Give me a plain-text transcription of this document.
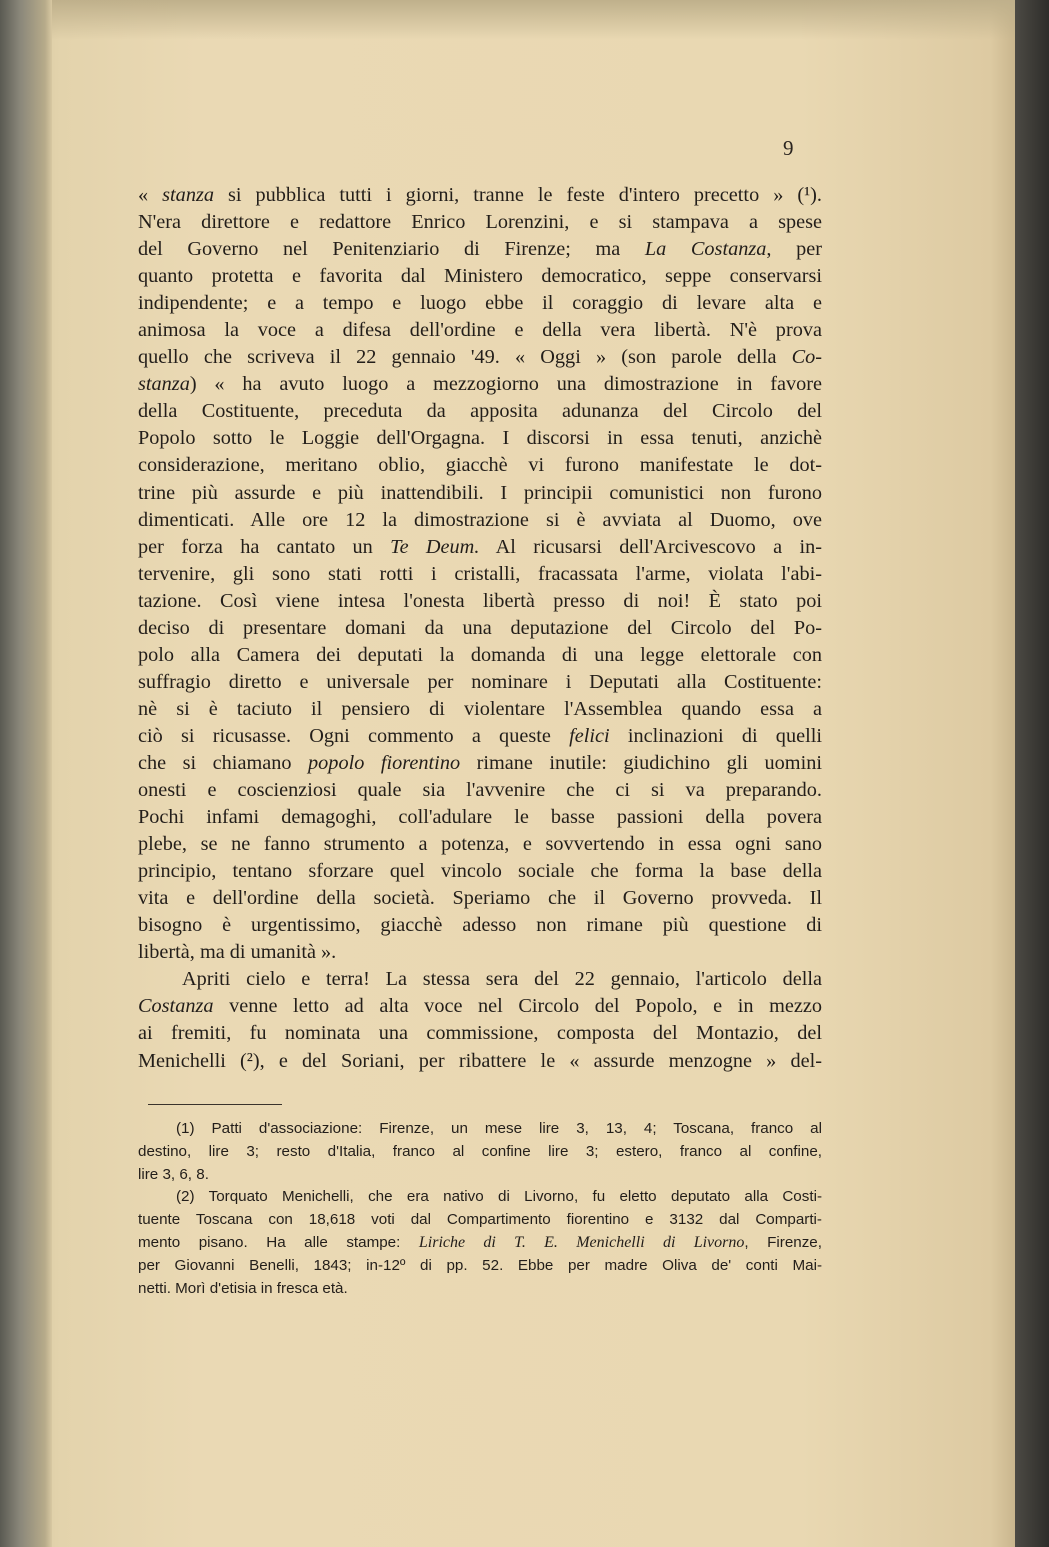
9
« stanza si pubblica tutti i giorni, tranne le feste d'intero precetto » (¹).
N'era direttore e redattore Enrico Lorenzini, e si stampava a spese
del Governo nel Penitenziario di Firenze; ma La Costanza, per
quanto protetta e favorita dal Ministero democratico, seppe conservarsi
indipendente; e a tempo e luogo ebbe il coraggio di levare alta e
animosa la voce a difesa dell'ordine e della vera libertà. N'è prova
quello che scriveva il 22 gennaio '49. « Oggi » (son parole della Co-
stanza) « ha avuto luogo a mezzogiorno una dimostrazione in favore
della Costituente, preceduta da apposita adunanza del Circolo del
Popolo sotto le Loggie dell'Orgagna. I discorsi in essa tenuti, anzichè
considerazione, meritano oblio, giacchè vi furono manifestate le dot-
trine più assurde e più inattendibili. I principii comunistici non furono
dimenticati. Alle ore 12 la dimostrazione si è avviata al Duomo, ove
per forza ha cantato un Te Deum. Al ricusarsi dell'Arcivescovo a in-
tervenire, gli sono stati rotti i cristalli, fracassata l'arme, violata l'abi-
tazione. Così viene intesa l'onesta libertà presso di noi! È stato poi
deciso di presentare domani da una deputazione del Circolo del Po-
polo alla Camera dei deputati la domanda di una legge elettorale con
suffragio diretto e universale per nominare i Deputati alla Costituente:
nè si è taciuto il pensiero di violentare l'Assemblea quando essa a
ciò si ricusasse. Ogni commento a queste felici inclinazioni di quelli
che si chiamano popolo fiorentino rimane inutile: giudichino gli uomini
onesti e coscienziosi quale sia l'avvenire che ci si va preparando.
Pochi infami demagoghi, coll'adulare le basse passioni della povera
plebe, se ne fanno strumento a potenza, e sovvertendo in essa ogni sano
principio, tentano sforzare quel vincolo sociale che forma la base della
vita e dell'ordine della società. Speriamo che il Governo provveda. Il
bisogno è urgentissimo, giacchè adesso non rimane più questione di
libertà, ma di umanità ».
Apriti cielo e terra! La stessa sera del 22 gennaio, l'articolo della
Costanza venne letto ad alta voce nel Circolo del Popolo, e in mezzo
ai fremiti, fu nominata una commissione, composta del Montazio, del
Menichelli (²), e del Soriani, per ribattere le « assurde menzogne » del-
(1) Patti d'associazione: Firenze, un mese lire 3, 13, 4; Toscana, franco al
destino, lire 3; resto d'Italia, franco al confine lire 3; estero, franco al confine,
lire 3, 6, 8.
(2) Torquato Menichelli, che era nativo di Livorno, fu eletto deputato alla Costi-
tuente Toscana con 18,618 voti dal Compartimento fiorentino e 3132 dal Comparti-
mento pisano. Ha alle stampe: Liriche di T. E. Menichelli di Livorno, Firenze,
per Giovanni Benelli, 1843; in-12º di pp. 52. Ebbe per madre Oliva de' conti Mai-
netti. Morì d'etisia in fresca età.
